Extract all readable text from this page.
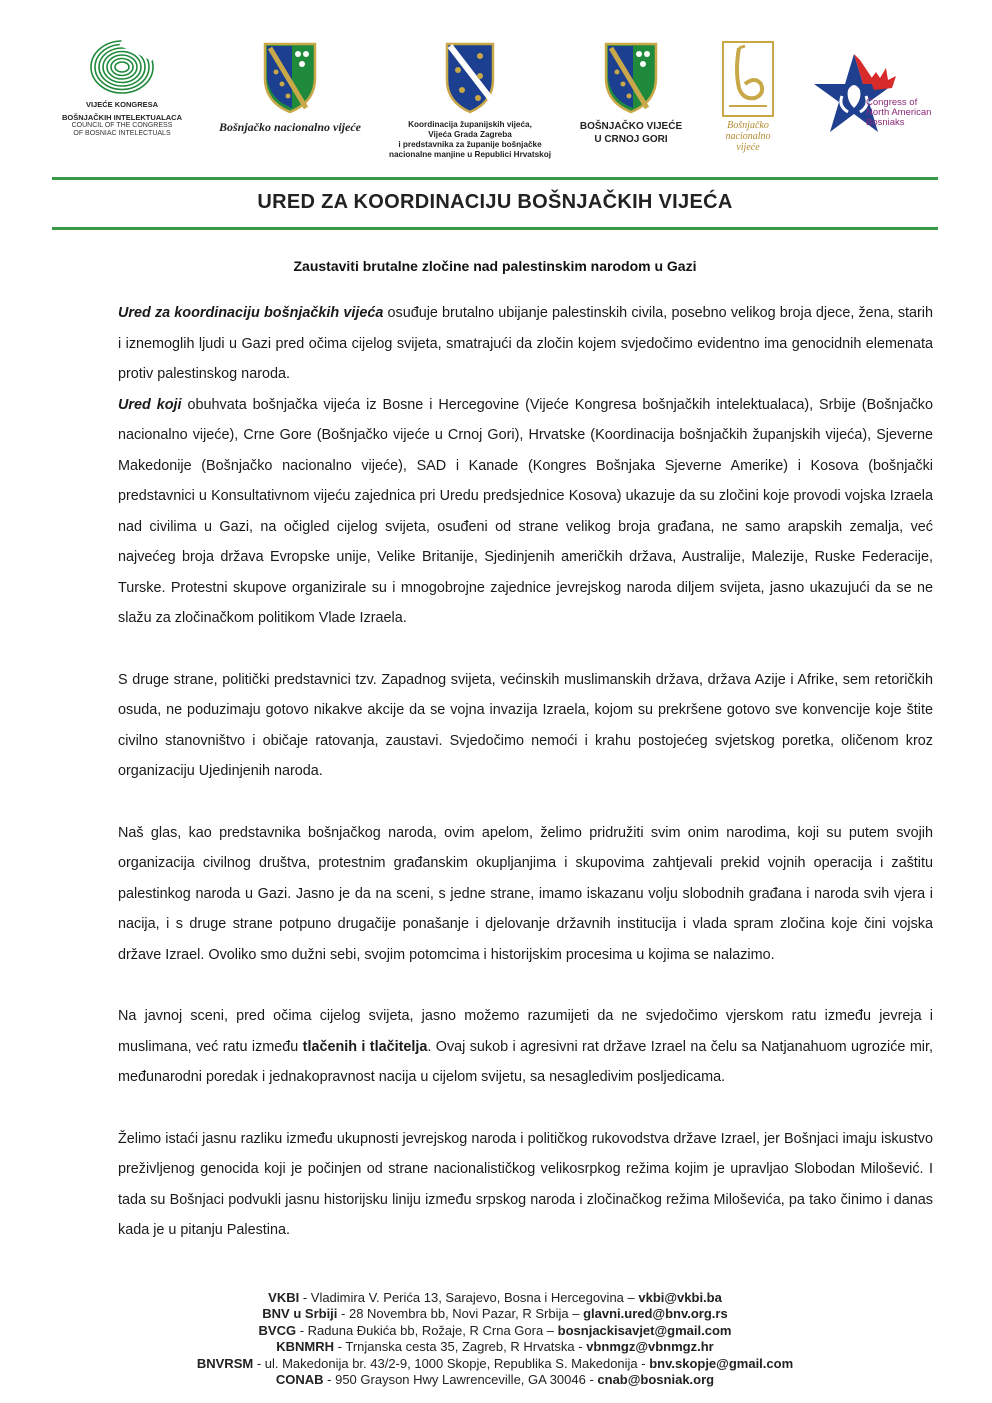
VIJEĆE KONGRESA
BOŠNJAČKIH INTELEKTUALACA
COUNCIL OF THE CONGRESS
OF BOSNIAC INTELECTUALS	Bošnjačko nacionalno vijeće	Koordinacija županijskih vijeća,
Vijeća Grada Zagreba
i predstavnika za županije bošnjačke
nacionalne manjine u Republici Hrvatskoj
BOŠNJAČKO VIJEĆE
U CRNOJ GORI
Bošnjačko
nacionalno
vijeće
Congress of
North American
Bosniaks
URED ZA KOORDINACIJU BOŠNJAČKIH VIJEĆA
Zaustaviti brutalne zločine nad palestinskim narodom u Gazi

Ured za koordinaciju bošnjačkih vijeća osuđuje brutalno ubijanje palestinskih civila, posebno velikog broja djece, žena, starih i iznemoglih ljudi u Gazi pred očima cijelog svijeta, smatrajući da zločin kojem svjedočimo evidentno ima genocidnih elemenata protiv palestinskog naroda.

Ured koji obuhvata bošnjačka vijeća iz Bosne i Hercegovine (Vijeće Kongresa bošnjačkih intelektualaca), Srbije (Bošnjačko nacionalno vijeće), Crne Gore (Bošnjačko vijeće u Crnoj Gori), Hrvatske (Koordinacija bošnjačkih županjskih vijeća), Sjeverne Makedonije (Bošnjačko nacionalno vijeće), SAD i Kanade (Kongres Bošnjaka Sjeverne Amerike) i Kosova (bošnjački predstavnici u Konsultativnom vijeću zajednica pri Uredu predsjednice Kosova) ukazuje da su zločini koje provodi vojska Izraela nad civilima u Gazi, na očigled cijelog svijeta, osuđeni od strane velikog broja građana, ne samo arapskih zemalja, već najvećeg broja država Evropske unije, Velike Britanije, Sjedinjenih američkih država, Australije, Malezije, Ruske Federacije, Turske. Protestni skupove organizirale su i mnogobrojne zajednice jevrejskog naroda diljem svijeta, jasno ukazujući da se ne slažu za zločinačkom politikom Vlade Izraela.

S druge strane, politički predstavnici tzv. Zapadnog svijeta, većinskih muslimanskih država, država Azije i Afrike, sem retoričkih osuda, ne poduzimaju gotovo nikakve akcije da se vojna invazija Izraela, kojom su prekršene gotovo sve konvencije koje štite civilno stanovništvo i običaje ratovanja, zaustavi. Svjedočimo nemoći i krahu postojećeg svjetskog poretka, oličenom kroz organizaciju Ujedinjenih naroda.

Naš glas, kao predstavnika bošnjačkog naroda, ovim apelom, želimo pridružiti svim onim narodima, koji su putem svojih organizacija civilnog društva, protestnim građanskim okupljanjima i skupovima zahtjevali prekid vojnih operacija i zaštitu palestinkog naroda u Gazi. Jasno je da na sceni, s jedne strane, imamo iskazanu volju slobodnih građana i naroda svih vjera i nacija, i s druge strane potpuno drugačije ponašanje i djelovanje državnih institucija i vlada spram zločina koje čini vojska države Izrael. Ovoliko smo dužni sebi, svojim potomcima i historijskim procesima u kojima se nalazimo.

Na javnoj sceni, pred očima cijelog svijeta, jasno možemo razumijeti da ne svjedočimo vjerskom ratu između jevreja i muslimana, već ratu između tlačenih i tlačitelja. Ovaj sukob i agresivni rat države Izrael na čelu sa Natjanahuom ugroziće mir, međunarodni poredak i jednakopravnost nacija u cijelom svijetu, sa nesagledivim posljedicama.

Želimo istaći jasnu razliku između ukupnosti jevrejskog naroda i političkog rukovodstva države Izrael, jer Bošnjaci imaju iskustvo preživljenog genocida koji je počinjen od strane nacionalističkog velikosrpkog režima kojim je upravljao Slobodan Milošević. I tada su Bošnjaci podvukli jasnu historijsku liniju između srpskog naroda i zločinačkog režima Miloševića, pa tako činimo i danas kada je u pitanju Palestina.

VKBI - Vladimira V. Perića 13, Sarajevo, Bosna i Hercegovina – vkbi@vkbi.ba
BNV u Srbiji - 28 Novembra bb, Novi Pazar, R Srbija – glavni.ured@bnv.org.rs
BVCG - Raduna Đukića bb, Rožaje, R Crna Gora – bosnjackisavjet@gmail.com
KBNMRH - Trnjanska cesta 35, Zagreb, R Hrvatska - vbnmgz@vbnmgz.hr
BNVRSM - ul. Makedonija br. 43/2-9, 1000 Skopje, Republika S. Makedonija - bnv.skopje@gmail.com
CONAB - 950 Grayson Hwy Lawrenceville, GA 30046 - cnab@bosniak.org
